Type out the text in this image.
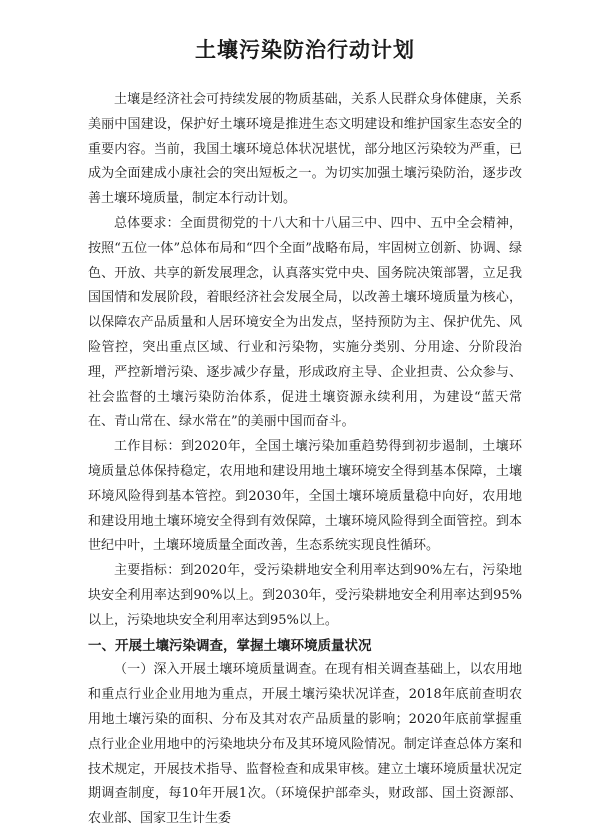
土壤污染防治行动计划

土壤是经济社会可持续发展的物质基础，关系人民群众身体健康，关系美丽中国建设，保护好土壤环境是推进生态文明建设和维护国家生态安全的重要内容。当前，我国土壤环境总体状况堪忧，部分地区污染较为严重，已成为全面建成小康社会的突出短板之一。为切实加强土壤污染防治，逐步改善土壤环境质量，制定本行动计划。

总体要求：全面贯彻党的十八大和十八届三中、四中、五中全会精神，按照“五位一体”总体布局和“四个全面”战略布局，牢固树立创新、协调、绿色、开放、共享的新发展理念，认真落实党中央、国务院决策部署，立足我国国情和发展阶段，着眼经济社会发展全局，以改善土壤环境质量为核心，以保障农产品质量和人居环境安全为出发点，坚持预防为主、保护优先、风险管控，突出重点区域、行业和污染物，实施分类别、分用途、分阶段治理，严控新增污染、逐步减少存量，形成政府主导、企业担责、公众参与、社会监督的土壤污染防治体系，促进土壤资源永续利用，为建设“蓝天常在、青山常在、绿水常在”的美丽中国而奋斗。

工作目标：到2020年，全国土壤污染加重趋势得到初步遏制，土壤环境质量总体保持稳定，农用地和建设用地土壤环境安全得到基本保障，土壤环境风险得到基本管控。到2030年，全国土壤环境质量稳中向好，农用地和建设用地土壤环境安全得到有效保障，土壤环境风险得到全面管控。到本世纪中叶，土壤环境质量全面改善，生态系统实现良性循环。

主要指标：到2020年，受污染耕地安全利用率达到90%左右，污染地块安全利用率达到90%以上。到2030年，受污染耕地安全利用率达到95%以上，污染地块安全利用率达到95%以上。

一、开展土壤污染调查，掌握土壤环境质量状况

（一）深入开展土壤环境质量调查。在现有相关调查基础上，以农用地和重点行业企业用地为重点，开展土壤污染状况详查，2018年底前查明农用地土壤污染的面积、分布及其对农产品质量的影响；2020年底前掌握重点行业企业用地中的污染地块分布及其环境风险情况。制定详查总体方案和技术规定，开展技术指导、监督检查和成果审核。建立土壤环境质量状况定期调查制度，每10年开展1次。（环境保护部牵头，财政部、国土资源部、农业部、国家卫生计生委
